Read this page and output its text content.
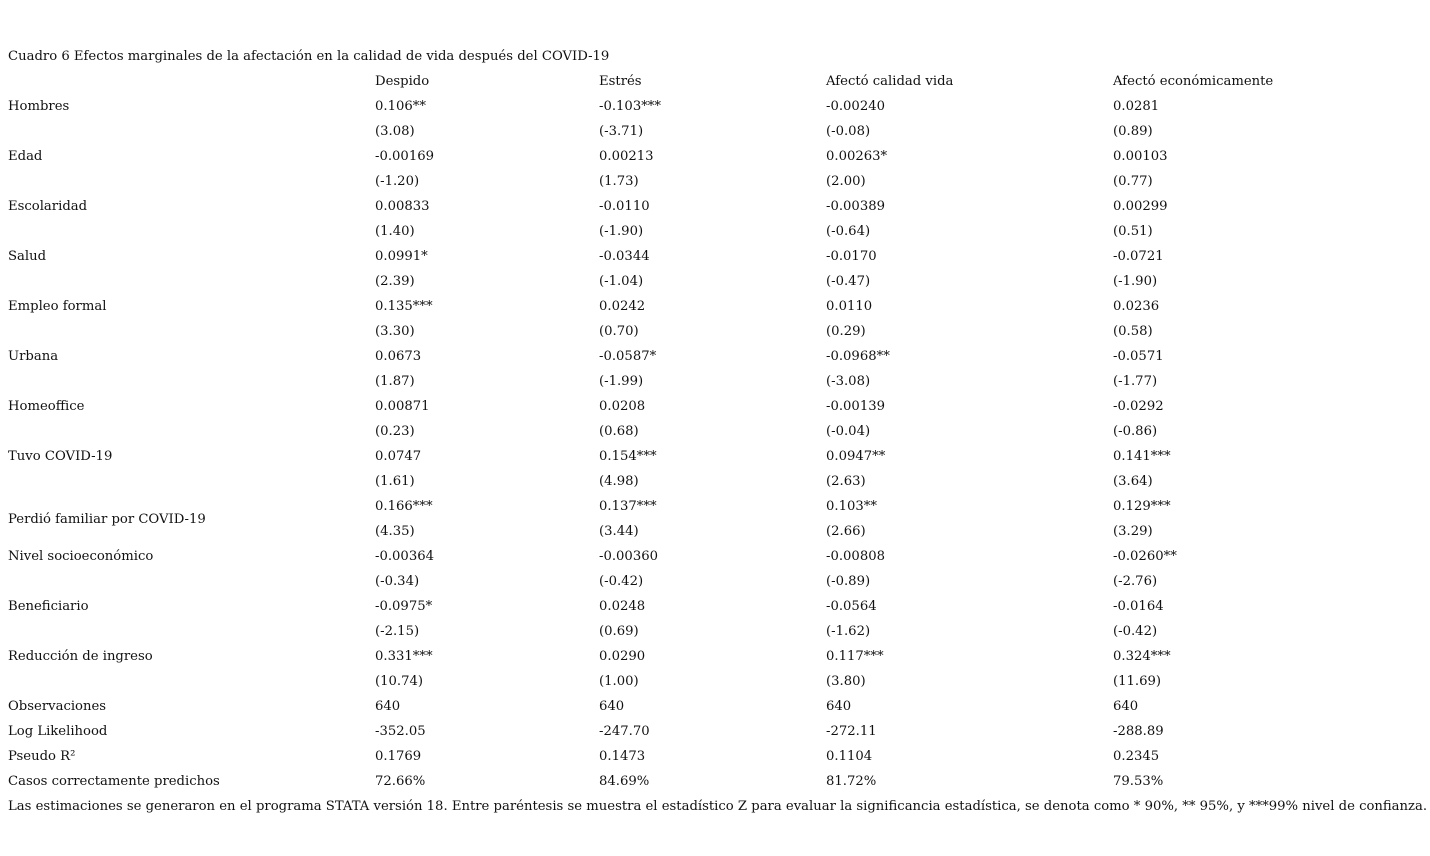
Cuadro 6 Efectos marginales de la afectación en la calidad de vida después del COVID-19
	Despido	Estrés	Afectó calidad vida	Afectó económicamente
Hombres	0.106**	-0.103***	-0.00240	0.0281
	(3.08)	(-3.71)	(-0.08)	(0.89)
Edad	-0.00169	0.00213	0.00263*	0.00103
	(-1.20)	(1.73)	(2.00)	(0.77)
Escolaridad	0.00833	-0.0110	-0.00389	0.00299
	(1.40)	(-1.90)	(-0.64)	(0.51)
Salud	0.0991*	-0.0344	-0.0170	-0.0721
	(2.39)	(-1.04)	(-0.47)	(-1.90)
Empleo formal	0.135***	0.0242	0.0110	0.0236
	(3.30)	(0.70)	(0.29)	(0.58)
Urbana	0.0673	-0.0587*	-0.0968**	-0.0571
	(1.87)	(-1.99)	(-3.08)	(-1.77)
Homeoffice	0.00871	0.0208	-0.00139	-0.0292
	(0.23)	(0.68)	(-0.04)	(-0.86)
Tuvo COVID-19	0.0747	0.154***	0.0947**	0.141***
	(1.61)	(4.98)	(2.63)	(3.64)
Perdió familiar por COVID-19	0.166***	0.137***	0.103**	0.129***
	(4.35)	(3.44)	(2.66)	(3.29)
Nivel socioeconómico	-0.00364	-0.00360	-0.00808	-0.0260**
	(-0.34)	(-0.42)	(-0.89)	(-2.76)
Beneficiario	-0.0975*	0.0248	-0.0564	-0.0164
	(-2.15)	(0.69)	(-1.62)	(-0.42)
Reducción de ingreso	0.331***	0.0290	0.117***	0.324***
	(10.74)	(1.00)	(3.80)	(11.69)
Observaciones	640	640	640	640
Log Likelihood	-352.05	-247.70	-272.11	-288.89
Pseudo R²	0.1769	0.1473	0.1104	0.2345
Casos correctamente predichos	72.66%	84.69%	81.72%	79.53%
Las estimaciones se generaron en el programa STATA versión 18. Entre paréntesis se muestra el estadístico Z para evaluar la significancia estadística, se denota como * 90%, ** 95%, y ***99% nivel de confianza.
